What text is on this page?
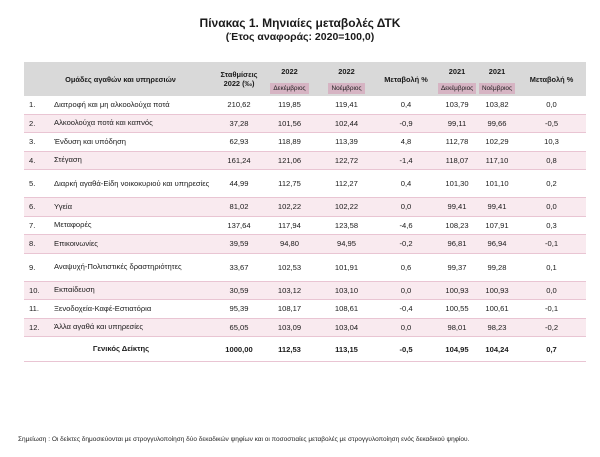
Πίνακας 1. Μηνιαίες μεταβολές ΔΤΚ
(Έτος αναφοράς: 2020=100,0)
Ομάδες αγαθών και υπηρεσιών		Σταθμίσεις 2022 (‰)	2022	2022	Μεταβολή %		2021	2021	Μεταβολή %
			Δεκέμβριος	Νοέμβριος		Δεκέμβριος	Νοέμβριος	
1.	Διατροφή και μη αλκοολούχα ποτά	210,62	119,85	119,41	0,4		103,79	103,82	0,0
2.	Αλκοολούχα ποτά και καπνός	37,28	101,56	102,44	-0,9		99,11	99,66	-0,5
3.	Ένδυση και υπόδηση	62,93	118,89	113,39	4,8		112,78	102,29	10,3
4.	Στέγαση	161,24	121,06	122,72	-1,4		118,07	117,10	0,8
5.	Διαρκή αγαθά-Είδη νοικοκυριού και υπηρεσίες	44,99	112,75	112,27	0,4		101,30	101,10	0,2
6.	Υγεία	81,02	102,22	102,22	0,0		99,41	99,41	0,0
7.	Μεταφορές	137,64	117,94	123,58	-4,6		108,23	107,91	0,3
8.	Επικοινωνίες	39,59	94,80	94,95	-0,2		96,81	96,94	-0,1
9.	Αναψυχή-Πολιτιστικές δραστηριότητες	33,67	102,53	101,91	0,6		99,37	99,28	0,1
10.	Εκπαίδευση	30,59	103,12	103,10	0,0		100,93	100,93	0,0
11.	Ξενοδοχεία-Καφέ-Εστιατόρια	95,39	108,17	108,61	-0,4		100,55	100,61	-0,1
12.	Άλλα αγαθά και υπηρεσίες	65,05	103,09	103,04	0,0		98,01	98,23	-0,2
Γενικός Δείκτης		1000,00	112,53	113,15	-0,5		104,95	104,24	0,7
Σημείωση : Οι δείκτες δημοσιεύονται με στρογγυλοποίηση δύο δεκαδικών ψηφίων και οι ποσοστιαίες μεταβολές με στρογγυλοποίηση ενός δεκαδικού ψηφίου.
